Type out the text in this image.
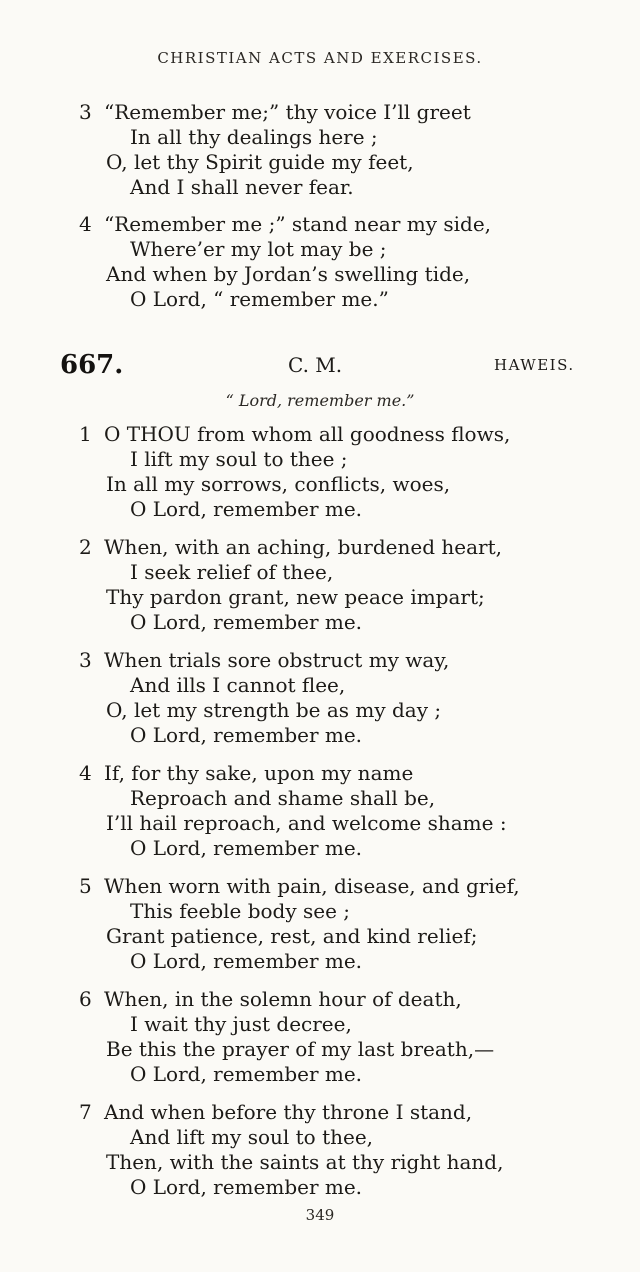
CHRISTIAN ACTS AND EXERCISES.
3 “Remember me;” thy voice I’ll greet
In all thy dealings here ;
O, let thy Spirit guide my feet,
And I shall never fear.
4 “Remember me ;” stand near my side,
Where’er my lot may be ;
And when by Jordan’s swelling tide,
O Lord, “ remember me.”
667.	C. M.	HAWEIS.
“ Lord, remember me.”
1 O THOU from whom all goodness flows,
I lift my soul to thee ;
In all my sorrows, conflicts, woes,
O Lord, remember me.
2 When, with an aching, burdened heart,
I seek relief of thee,
Thy pardon grant, new peace impart;
O Lord, remember me.
3 When trials sore obstruct my way,
And ills I cannot flee,
O, let my strength be as my day ;
O Lord, remember me.
4 If, for thy sake, upon my name
Reproach and shame shall be,
I’ll hail reproach, and welcome shame :
O Lord, remember me.
5 When worn with pain, disease, and grief,
This feeble body see ;
Grant patience, rest, and kind relief;
O Lord, remember me.
6 When, in the solemn hour of death,
I wait thy just decree,
Be this the prayer of my last breath,—
O Lord, remember me.
7 And when before thy throne I stand,
And lift my soul to thee,
Then, with the saints at thy right hand,
O Lord, remember me.
349
